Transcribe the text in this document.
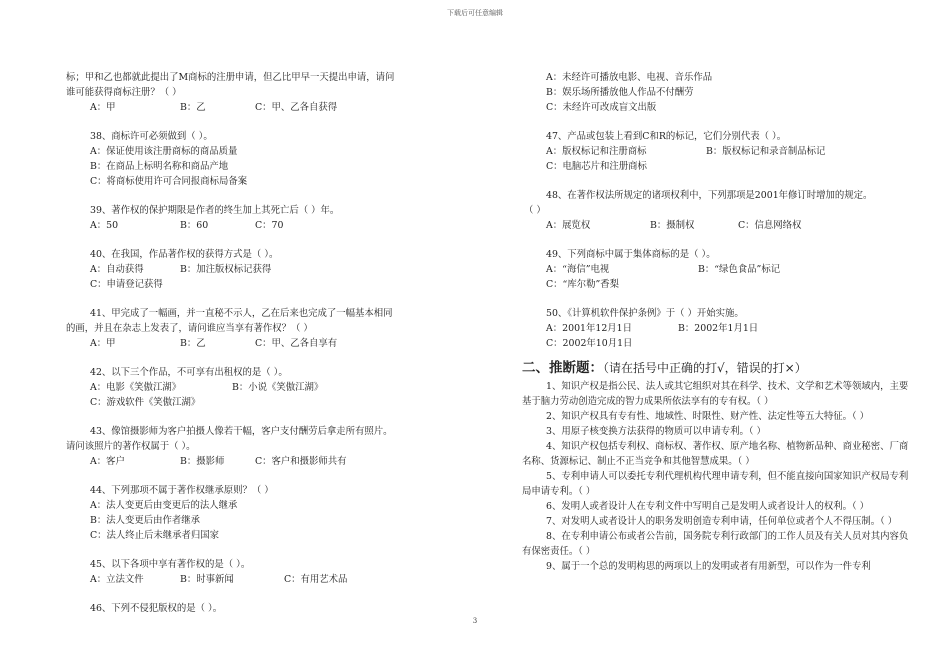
下载后可任意编辑
标；甲和乙也都就此提出了M商标的注册申请，但乙比甲早一天提出申请，请问
谁可能获得商标注册？（ ）
A：甲	B：乙	C：甲、乙各自获得
38、商标许可必须做到（ ）。
A：保证使用该注册商标的商品质量
B：在商品上标明名称和商品产地
C：将商标使用许可合同报商标局备案
39、著作权的保护期限是作者的终生加上其死亡后（ ）年。
A：50	B：60	C：70
40、在我国，作品著作权的获得方式是（ ）。
A：自动获得	B：加注版权标记获得
C：申请登记获得
41、甲完成了一幅画，并一直秘不示人，乙在后来也完成了一幅基本相同
的画，并且在杂志上发表了，请问谁应当享有著作权？（ ）
A：甲	B：乙	C：甲、乙各自享有
42、以下三个作品，不可享有出租权的是（ ）。
A：电影《笑傲江湖》	B：小说《笑傲江湖》
C：游戏软件《笑傲江湖》
43、像馆摄影师为客户拍摄人像若干幅，客户支付酬劳后拿走所有照片。
请问该照片的著作权属于（ ）。
A：客户	B：摄影师	C：客户和摄影师共有
44、下列那项不属于著作权继承原则？（ ）
A：法人变更后由变更后的法人继承
B：法人变更后由作者继承
C：法人终止后未继承者归国家
45、以下各项中享有著作权的是（ ）。
A：立法文件	B：时事新闻	C：有用艺术品
46、下列不侵犯版权的是（ ）。
A：未经许可播放电影、电视、音乐作品
B：娱乐场所播放他人作品不付酬劳
C：未经许可改成盲文出版
47、产品或包装上看到C和R的标记，它们分别代表（ ）。
A：版权标记和注册商标	B：版权标记和录音制品标记
C：电脑芯片和注册商标
48、在著作权法所规定的诸项权利中，下列那项是2001年修订时增加的规定。
（ ）
A：展览权	B：摄制权	C：信息网络权
49、下列商标中属于集体商标的是（ ）。
A：“海信”电视	B：“绿色食品”标记
C：“库尔勒”香梨
50、《计算机软件保护条例》于（ ）开始实施。
A：2001年12月1日	B：2002年1月1日
C：2002年10月1日
二、推断题：（请在括号中正确的打√，错误的打×）
1、知识产权是指公民、法人或其它组织对其在科学、技术、文学和艺术等领域内，主要基于脑力劳动创造完成的智力成果所依法享有的专有权。（ ）
2、知识产权具有专有性、地域性、时限性、财产性、法定性等五大特征。（ ）
3、用原子核变换方法获得的物质可以申请专利。（ ）
4、知识产权包括专利权、商标权、著作权、原产地名称、植物新品种、商业秘密、厂商名称、货源标记、制止不正当竞争和其他智慧成果。（ ）
5、专利申请人可以委托专利代理机构代理申请专利，但不能直接向国家知识产权局专利局申请专利。（ ）
6、发明人或者设计人在专利文件中写明自己是发明人或者设计人的权利。（ ）
7、对发明人或者设计人的职务发明创造专利申请，任何单位或者个人不得压制。（ ）
8、在专利申请公布或者公告前，国务院专利行政部门的工作人员及有关人员对其内容负有保密责任。（ ）
9、属于一个总的发明构思的两项以上的发明或者有用新型，可以作为一件专利
3
